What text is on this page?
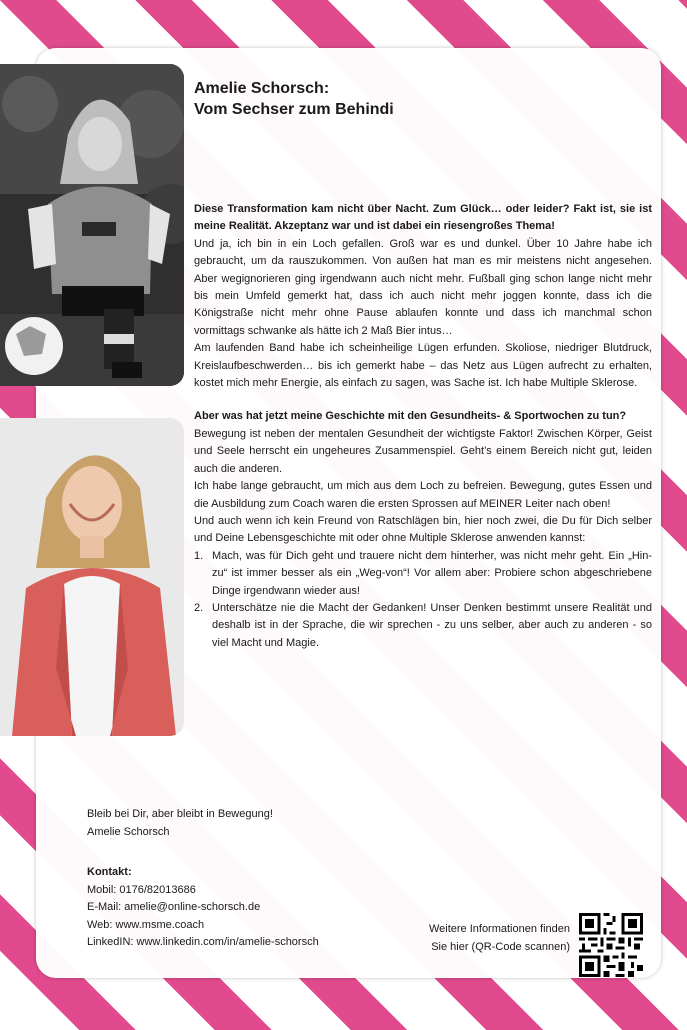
Amelie Schorsch:
Vom Sechser zum Behindi

Diese Transformation kam nicht über Nacht. Zum Glück… oder leider? Fakt ist, sie ist meine Realität. Akzeptanz war und ist dabei ein riesengroßes Thema!

Und ja, ich bin in ein Loch gefallen. Groß war es und dunkel. Über 10 Jahre habe ich gebraucht, um da rauszukommen. Von außen hat man es mir meistens nicht angesehen. Aber wegignorieren ging irgendwann auch nicht mehr. Fußball ging schon lange nicht mehr bis mein Umfeld gemerkt hat, dass ich auch nicht mehr joggen konnte, dass ich die Königstraße nicht mehr ohne Pause ablaufen konnte und dass ich manchmal schon vormittags schwanke als hätte ich 2 Maß Bier intus…

Am laufenden Band habe ich scheinheilige Lügen erfunden. Skoliose, niedriger Blutdruck, Kreislaufbeschwerden… bis ich gemerkt habe – das Netz aus Lügen aufrecht zu erhalten, kostet mich mehr Energie, als einfach zu sagen, was Sache ist. Ich habe Multiple Sklerose.

Aber was hat jetzt meine Geschichte mit den Gesundheits- & Sportwochen zu tun?

Bewegung ist neben der mentalen Gesundheit der wichtigste Faktor! Zwischen Körper, Geist und Seele herrscht ein ungeheures Zusammenspiel. Geht’s einem Bereich nicht gut, leiden auch die anderen.

Ich habe lange gebraucht, um mich aus dem Loch zu befreien. Bewegung, gutes Essen und die Ausbildung zum Coach waren die ersten Sprossen auf MEINER Leiter nach oben!

Und auch wenn ich kein Freund von Ratschlägen bin, hier noch zwei, die Du für Dich selber und Deine Lebensgeschichte mit oder ohne Multiple Sklerose anwenden kannst:

1. Mach, was für Dich geht und trauere nicht dem hinterher, was nicht mehr geht. Ein „Hin-zu“ ist immer besser als ein „Weg-von“! Vor allem aber: Probiere schon abgeschriebene Dinge irgendwann wieder aus!
2. Unterschätze nie die Macht der Gedanken! Unser Denken bestimmt unsere Realität und deshalb ist in der Sprache, die wir sprechen - zu uns selber, aber auch zu anderen - so viel Macht und Magie.
Bleib bei Dir, aber bleibt in Bewegung!
Amelie Schorsch
Kontakt:
Mobil: 0176/82013686
E-Mail: amelie@online-schorsch.de
Web: www.msme.coach
LinkedIN: www.linkedin.com/in/amelie-schorsch
Weitere Informationen finden
Sie hier (QR-Code scannen)
